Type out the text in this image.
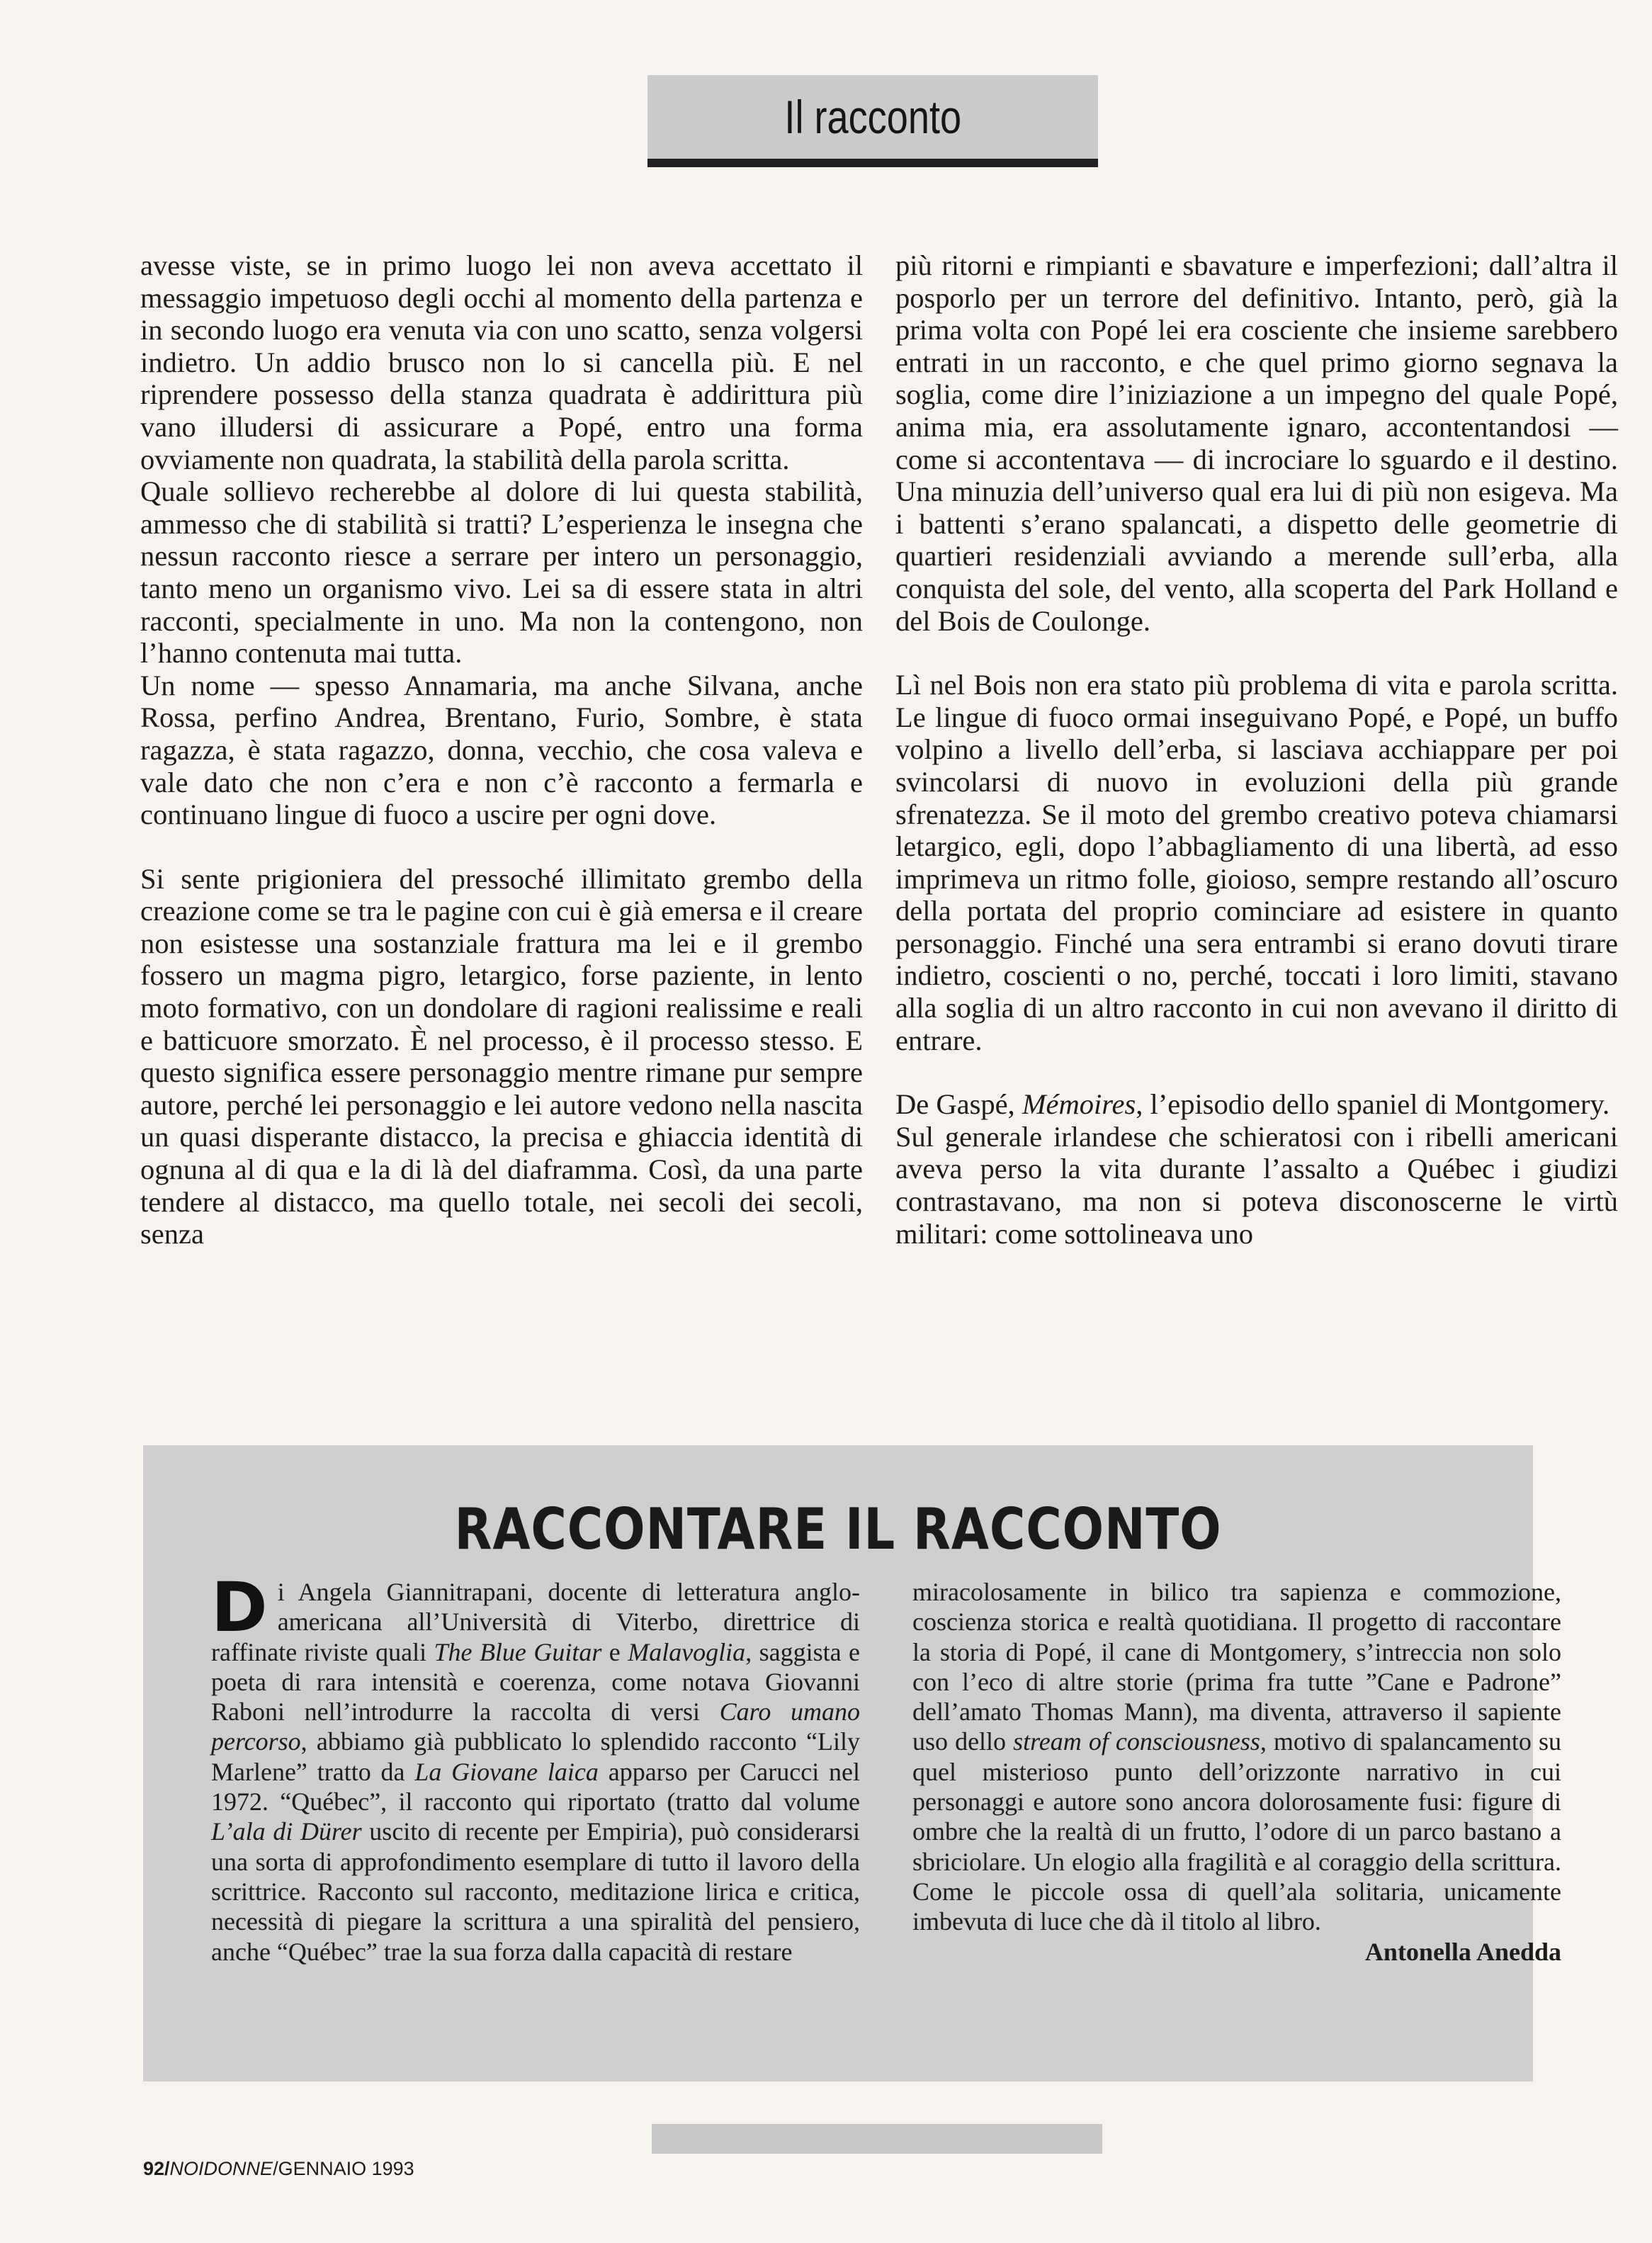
Il racconto

avesse viste, se in primo luogo lei non aveva accettato il messaggio impetuoso degli occhi al momento della partenza e in secondo luogo era venuta via con uno scatto, senza volgersi indietro. Un addio brusco non lo si cancella più. E nel riprendere possesso della stanza quadrata è addirittura più vano illudersi di assicurare a Popé, entro una forma ovviamente non quadrata, la stabilità della parola scritta.

Quale sollievo recherebbe al dolore di lui questa stabilità, ammesso che di stabilità si tratti? L’esperienza le insegna che nessun racconto riesce a serrare per intero un personaggio, tanto meno un organismo vivo. Lei sa di essere stata in altri racconti, specialmente in uno. Ma non la contengono, non l’hanno contenuta mai tutta.

Un nome — spesso Annamaria, ma anche Silvana, anche Rossa, perfino Andrea, Brentano, Furio, Sombre, è stata ragazza, è stata ragazzo, donna, vecchio, che cosa valeva e vale dato che non c’era e non c’è racconto a fermarla e continuano lingue di fuoco a uscire per ogni dove.

Si sente prigioniera del pressoché illimitato grembo della creazione come se tra le pagine con cui è già emersa e il creare non esistesse una sostanziale frattura ma lei e il grembo fossero un magma pigro, letargico, forse paziente, in lento moto formativo, con un dondolare di ragioni realissime e reali e batticuore smorzato. È nel processo, è il processo stesso. E questo significa essere personaggio mentre rimane pur sempre autore, perché lei personaggio e lei autore vedono nella nascita un quasi disperante distacco, la precisa e ghiaccia identità di ognuna al di qua e la di là del diaframma. Così, da una parte tendere al distacco, ma quello totale, nei secoli dei secoli, senza

più ritorni e rimpianti e sbavature e imperfezioni; dall’altra il posporlo per un terrore del definitivo. Intanto, però, già la prima volta con Popé lei era cosciente che insieme sarebbero entrati in un racconto, e che quel primo giorno segnava la soglia, come dire l’iniziazione a un impegno del quale Popé, anima mia, era assolutamente ignaro, accontentandosi — come si accontentava — di incrociare lo sguardo e il destino. Una minuzia dell’universo qual era lui di più non esigeva. Ma i battenti s’erano spalancati, a dispetto delle geometrie di quartieri residenziali avviando a merende sull’erba, alla conquista del sole, del vento, alla scoperta del Park Holland e del Bois de Coulonge.

Lì nel Bois non era stato più problema di vita e parola scritta. Le lingue di fuoco ormai inseguivano Popé, e Popé, un buffo volpino a livello dell’erba, si lasciava acchiappare per poi svincolarsi di nuovo in evoluzioni della più grande sfrenatezza. Se il moto del grembo creativo poteva chiamarsi letargico, egli, dopo l’abbagliamento di una libertà, ad esso imprimeva un ritmo folle, gioioso, sempre restando all’oscuro della portata del proprio cominciare ad esistere in quanto personaggio. Finché una sera entrambi si erano dovuti tirare indietro, coscienti o no, perché, toccati i loro limiti, stavano alla soglia di un altro racconto in cui non avevano il diritto di entrare.

De Gaspé, Mémoires, l’episodio dello spaniel di Montgomery.

Sul generale irlandese che schieratosi con i ribelli americani aveva perso la vita durante l’assalto a Québec i giudizi contrastavano, ma non si poteva disconoscerne le virtù militari: come sottolineava uno

RACCONTARE IL RACCONTO

Di Angela Giannitrapani, docente di letteratura anglo-americana all’Università di Viterbo, direttrice di raffinate riviste quali The Blue Guitar e Malavoglia, saggista e poeta di rara intensità e coerenza, come notava Giovanni Raboni nell’introdurre la raccolta di versi Caro umano percorso, abbiamo già pubblicato lo splendido racconto “Lily Marlene” tratto da La Giovane laica apparso per Carucci nel 1972. “Québec”, il racconto qui riportato (tratto dal volume L’ala di Dürer uscito di recente per Empiria), può considerarsi una sorta di approfondimento esemplare di tutto il lavoro della scrittrice. Racconto sul racconto, meditazione lirica e critica, necessità di piegare la scrittura a una spiralità del pensiero, anche “Québec” trae la sua forza dalla capacità di restare

miracolosamente in bilico tra sapienza e commozione, coscienza storica e realtà quotidiana. Il progetto di raccontare la storia di Popé, il cane di Montgomery, s’intreccia non solo con l’eco di altre storie (prima fra tutte ”Cane e Padrone” dell’amato Thomas Mann), ma diventa, attraverso il sapiente uso dello stream of consciousness, motivo di spalancamento su quel misterioso punto dell’orizzonte narrativo in cui personaggi e autore sono ancora dolorosamente fusi: figure di ombre che la realtà di un frutto, l’odore di un parco bastano a sbriciolare. Un elogio alla fragilità e al coraggio della scrittura. Come le piccole ossa di quell’ala solitaria, unicamente imbevuta di luce che dà il titolo al libro.

Antonella Anedda

92/NOIDONNE/GENNAIO 1993
